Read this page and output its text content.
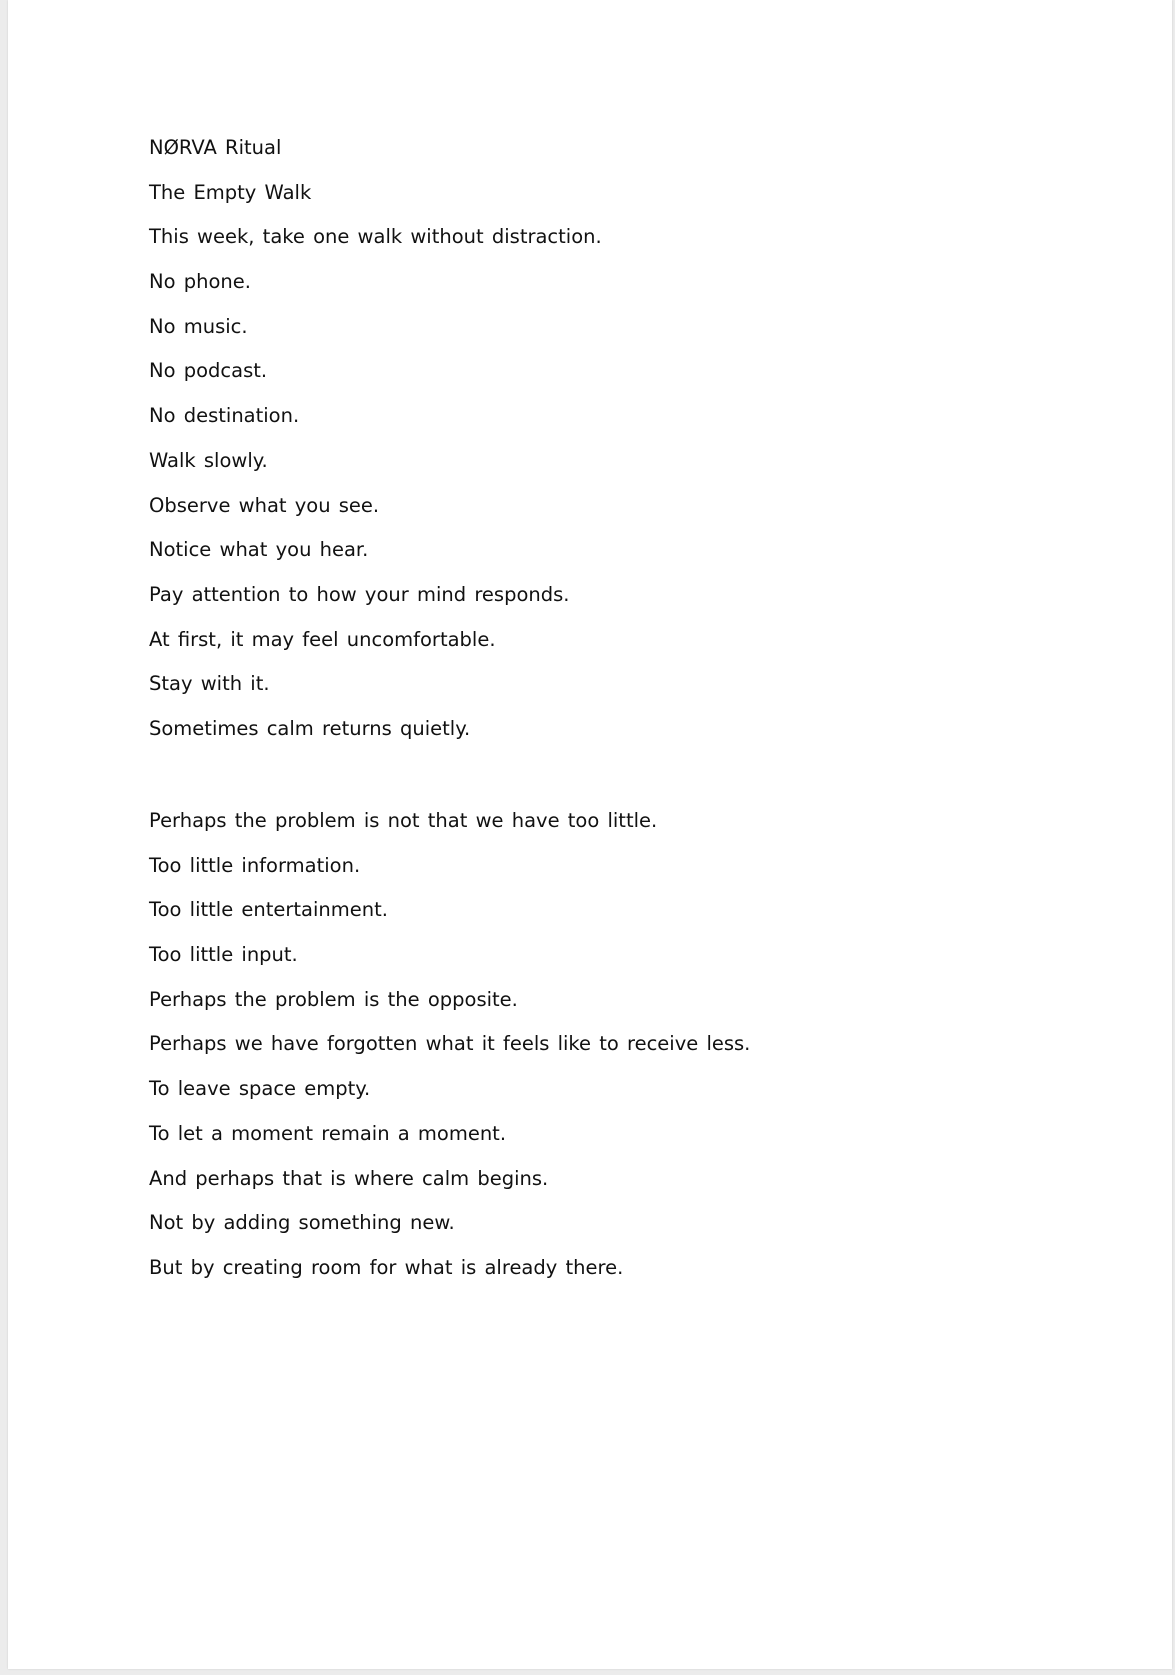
NØRVA Ritual
The Empty Walk
This week, take one walk without distraction.
No phone.
No music.
No podcast.
No destination.
Walk slowly.
Observe what you see.
Notice what you hear.
Pay attention to how your mind responds.
At first, it may feel uncomfortable.
Stay with it.
Sometimes calm returns quietly.
Perhaps the problem is not that we have too little.
Too little information.
Too little entertainment.
Too little input.
Perhaps the problem is the opposite.
Perhaps we have forgotten what it feels like to receive less.
To leave space empty.
To let a moment remain a moment.
And perhaps that is where calm begins.
Not by adding something new.
But by creating room for what is already there.
